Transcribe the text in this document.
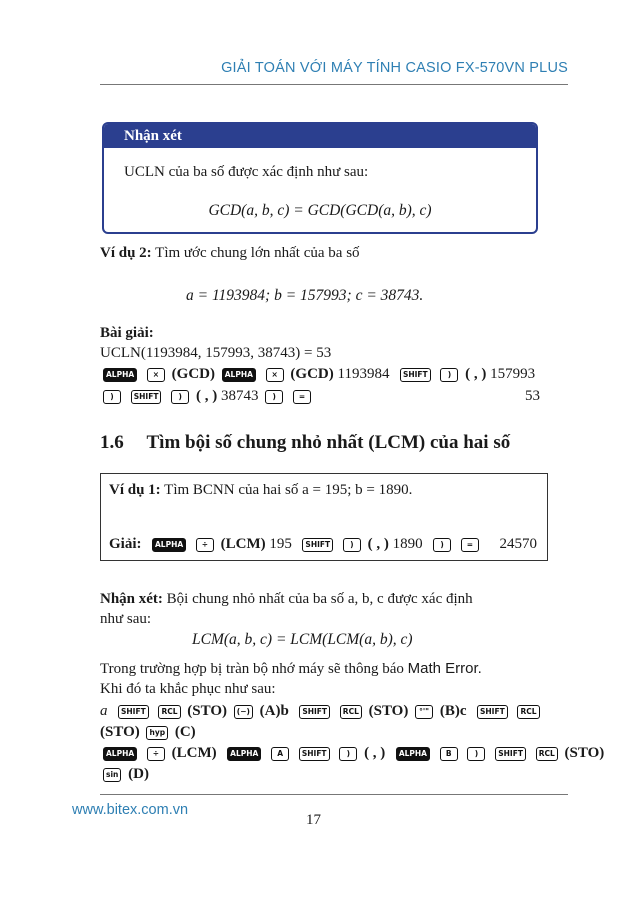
GIẢI TOÁN VỚI MÁY TÍNH CASIO FX-570VN PLUS
Nhận xét
UCLN của ba số được xác định như sau:
GCD(a, b, c) = GCD(GCD(a, b), c)
Ví dụ 2: Tìm ước chung lớn nhất của ba số
a = 1193984; b = 157993; c = 38743.
Bài giải:
UCLN(1193984, 157993, 38743) = 53
ALPHA × (GCD) ALPHA × (GCD) 1193984 SHIFT	) ( , ) 157993
)	SHIFT	) ( , ) 38743 )	=	53
1.6 Tìm bội số chung nhỏ nhất (LCM) của hai số
Ví dụ 1: Tìm BCNN của hai số a = 195; b = 1890.
Giải: ALPHA ÷ (LCM) 195 SHIFT	) ( , ) 1890 )	= 24570
Nhận xét: Bội chung nhỏ nhất của ba số a, b, c được xác định
như sau:
LCM(a, b, c) = LCM(LCM(a, b), c)
Trong trường hợp bị tràn bộ nhớ máy sẽ thông báo Math Error.
Khi đó ta khắc phục như sau:
a SHIFT RCL (STO) (−) (A)b SHIFT RCL (STO) °'" (B)c SHIFT RCL
(STO) hyp (C)
ALPHA ÷ (LCM) ALPHA	A	SHIFT	) ( , ) ALPHA	B	)	SHIFT RCL (STO)
sin (D)
www.bitex.com.vn
17
